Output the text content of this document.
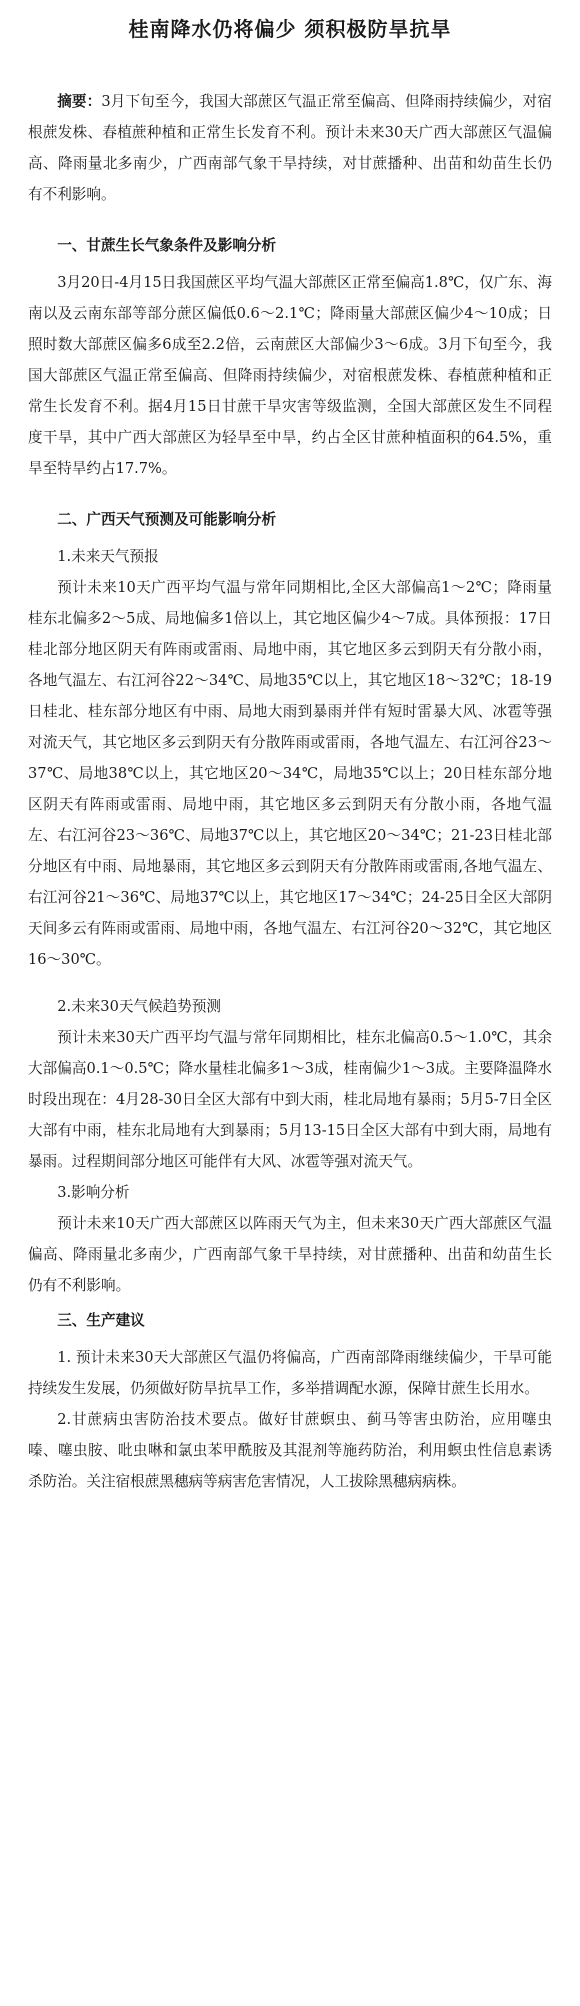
桂南降水仍将偏少 须积极防旱抗旱

摘要：3月下旬至今，我国大部蔗区气温正常至偏高、但降雨持续偏少，对宿根蔗发株、春植蔗种植和正常生长发育不利。预计未来30天广西大部蔗区气温偏高、降雨量北多南少，广西南部气象干旱持续，对甘蔗播种、出苗和幼苗生长仍有不利影响。

一、甘蔗生长气象条件及影响分析

3月20日-4月15日我国蔗区平均气温大部蔗区正常至偏高1.8℃，仅广东、海南以及云南东部等部分蔗区偏低0.6～2.1℃；降雨量大部蔗区偏少4～10成；日照时数大部蔗区偏多6成至2.2倍，云南蔗区大部偏少3～6成。3月下旬至今，我国大部蔗区气温正常至偏高、但降雨持续偏少，对宿根蔗发株、春植蔗种植和正常生长发育不利。据4月15日甘蔗干旱灾害等级监测，全国大部蔗区发生不同程度干旱，其中广西大部蔗区为轻旱至中旱，约占全区甘蔗种植面积的64.5%，重旱至特旱约占17.7%。

二、广西天气预测及可能影响分析
1.未来天气预报

预计未来10天广西平均气温与常年同期相比,全区大部偏高1～2℃；降雨量桂东北偏多2～5成、局地偏多1倍以上，其它地区偏少4～7成。具体预报：17日桂北部分地区阴天有阵雨或雷雨、局地中雨，其它地区多云到阴天有分散小雨，各地气温左、右江河谷22～34℃、局地35℃以上，其它地区18～32℃；18-19日桂北、桂东部分地区有中雨、局地大雨到暴雨并伴有短时雷暴大风、冰雹等强对流天气，其它地区多云到阴天有分散阵雨或雷雨，各地气温左、右江河谷23～37℃、局地38℃以上，其它地区20～34℃，局地35℃以上；20日桂东部分地区阴天有阵雨或雷雨、局地中雨，其它地区多云到阴天有分散小雨，各地气温左、右江河谷23～36℃、局地37℃以上，其它地区20～34℃；21-23日桂北部分地区有中雨、局地暴雨，其它地区多云到阴天有分散阵雨或雷雨,各地气温左、右江河谷21～36℃、局地37℃以上，其它地区17～34℃；24-25日全区大部阴天间多云有阵雨或雷雨、局地中雨，各地气温左、右江河谷20～32℃，其它地区16～30℃。

2.未来30天气候趋势预测

预计未来30天广西平均气温与常年同期相比，桂东北偏高0.5～1.0℃，其余大部偏高0.1～0.5℃；降水量桂北偏多1～3成，桂南偏少1～3成。主要降温降水时段出现在：4月28-30日全区大部有中到大雨，桂北局地有暴雨；5月5-7日全区大部有中雨，桂东北局地有大到暴雨；5月13-15日全区大部有中到大雨，局地有暴雨。过程期间部分地区可能伴有大风、冰雹等强对流天气。

3.影响分析

预计未来10天广西大部蔗区以阵雨天气为主，但未来30天广西大部蔗区气温偏高、降雨量北多南少，广西南部气象干旱持续，对甘蔗播种、出苗和幼苗生长仍有不利影响。

三、生产建议

1. 预计未来30天大部蔗区气温仍将偏高，广西南部降雨继续偏少，干旱可能持续发生发展，仍须做好防旱抗旱工作，多举措调配水源，保障甘蔗生长用水。

2.甘蔗病虫害防治技术要点。做好甘蔗螟虫、蓟马等害虫防治，应用噻虫嗪、噻虫胺、吡虫啉和氯虫苯甲酰胺及其混剂等施药防治，利用螟虫性信息素诱杀防治。关注宿根蔗黑穗病等病害危害情况，人工拔除黑穗病病株。
